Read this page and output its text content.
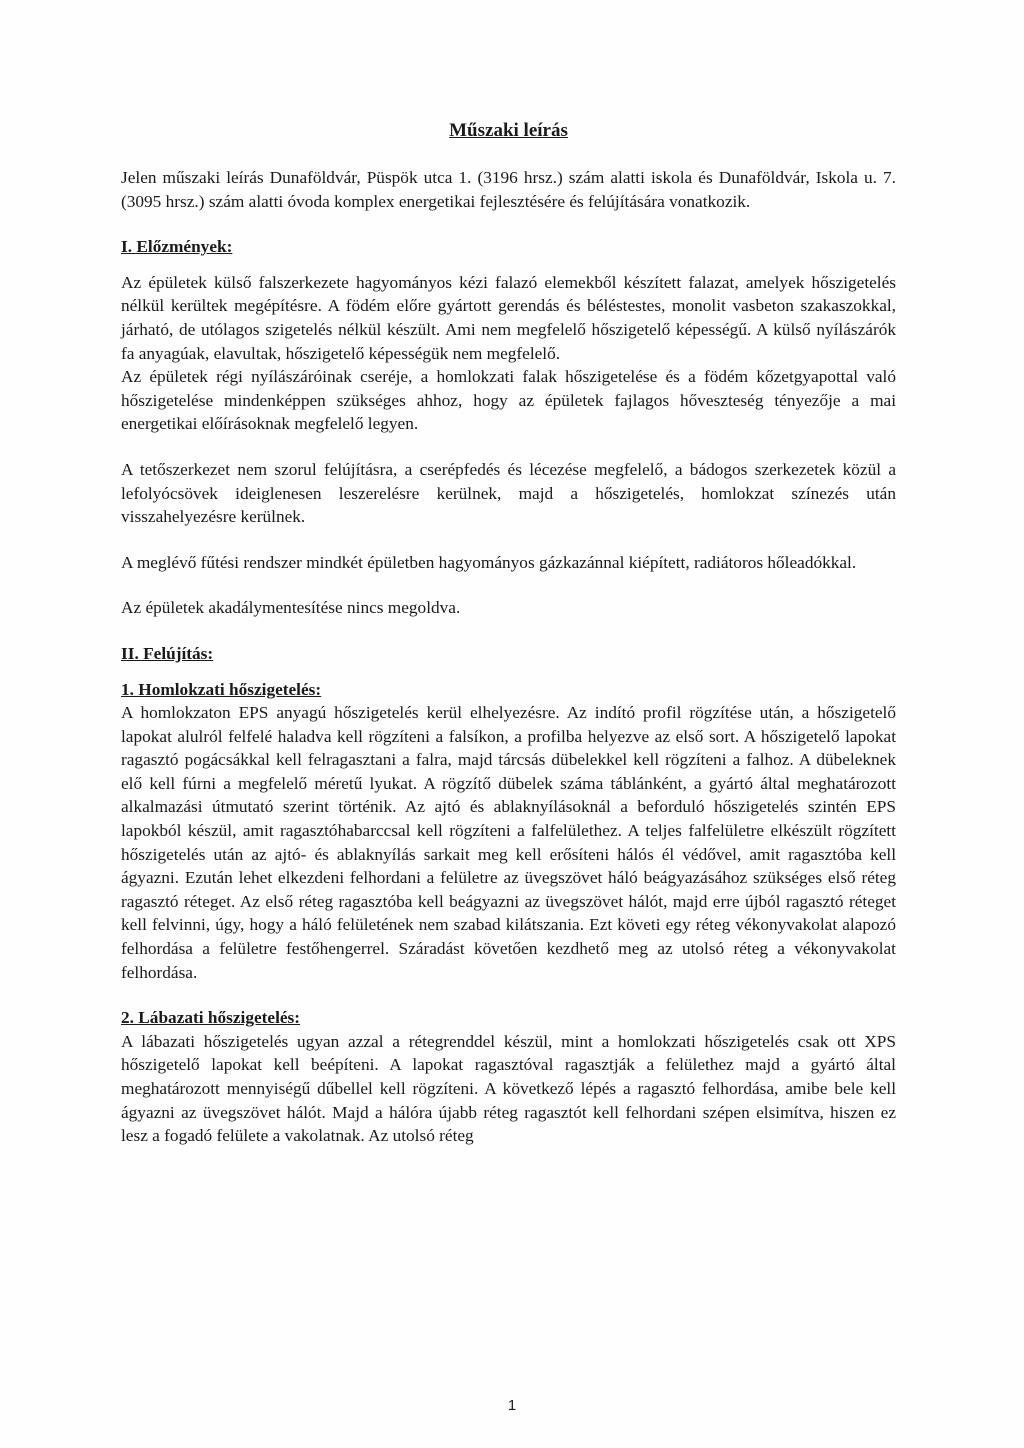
Műszaki leírás

Jelen műszaki leírás Dunaföldvár, Püspök utca 1. (3196 hrsz.) szám alatti iskola és Dunaföldvár, Iskola u. 7. (3095 hrsz.) szám alatti óvoda komplex energetikai fejlesztésére és felújítására vonatkozik.

I. Előzmények:

Az épületek külső falszerkezete hagyományos kézi falazó elemekből készített falazat, amelyek hőszigetelés nélkül kerültek megépítésre. A födém előre gyártott gerendás és béléstestes, monolit vasbeton szakaszokkal, járható, de utólagos szigetelés nélkül készült. Ami nem megfelelő hőszigetelő képességű. A külső nyílászárók fa anyagúak, elavultak, hőszigetelő képességük nem megfelelő.

Az épületek régi nyílászáróinak cseréje, a homlokzati falak hőszigetelése és a födém kőzetgyapottal való hőszigetelése mindenképpen szükséges ahhoz, hogy az épületek fajlagos hőveszteség tényezője a mai energetikai előírásoknak megfelelő legyen.

A tetőszerkezet nem szorul felújításra, a cserépfedés és lécezése megfelelő, a bádogos szerkezetek közül a lefolyócsövek ideiglenesen leszerelésre kerülnek, majd a hőszigetelés, homlokzat színezés után visszahelyezésre kerülnek.

A meglévő fűtési rendszer mindkét épületben hagyományos gázkazánnal kiépített, radiátoros hőleadókkal.

Az épületek akadálymentesítése nincs megoldva.

II. Felújítás:
1. Homlokzati hőszigetelés:

A homlokzaton EPS anyagú hőszigetelés kerül elhelyezésre. Az indító profil rögzítése után, a hőszigetelő lapokat alulról felfelé haladva kell rögzíteni a falsíkon, a profilba helyezve az első sort. A hőszigetelő lapokat ragasztó pogácsákkal kell felragasztani a falra, majd tárcsás dübelekkel kell rögzíteni a falhoz. A dübeleknek elő kell fúrni a megfelelő méretű lyukat. A rögzítő dübelek száma táblánként, a gyártó által meghatározott alkalmazási útmutató szerint történik. Az ajtó és ablaknyílásoknál a beforduló hőszigetelés szintén EPS lapokból készül, amit ragasztóhabarccsal kell rögzíteni a falfelülethez. A teljes falfelületre elkészült rögzített hőszigetelés után az ajtó- és ablaknyílás sarkait meg kell erősíteni hálós él védővel, amit ragasztóba kell ágyazni. Ezután lehet elkezdeni felhordani a felületre az üvegszövet háló beágyazásához szükséges első réteg ragasztó réteget. Az első réteg ragasztóba kell beágyazni az üvegszövet hálót, majd erre újból ragasztó réteget kell felvinni, úgy, hogy a háló felületének nem szabad kilátszania. Ezt követi egy réteg vékonyvakolat alapozó felhordása a felületre festőhengerrel. Száradást követően kezdhető meg az utolsó réteg a vékonyvakolat felhordása.

2. Lábazati hőszigetelés:

A lábazati hőszigetelés ugyan azzal a rétegrenddel készül, mint a homlokzati hőszigetelés csak ott XPS hőszigetelő lapokat kell beépíteni. A lapokat ragasztóval ragasztják a felülethez majd a gyártó által meghatározott mennyiségű dűbellel kell rögzíteni. A következő lépés a ragasztó felhordása, amibe bele kell ágyazni az üvegszövet hálót. Majd a hálóra újabb réteg ragasztót kell felhordani szépen elsimítva, hiszen ez lesz a fogadó felülete a vakolatnak. Az utolsó réteg

1
